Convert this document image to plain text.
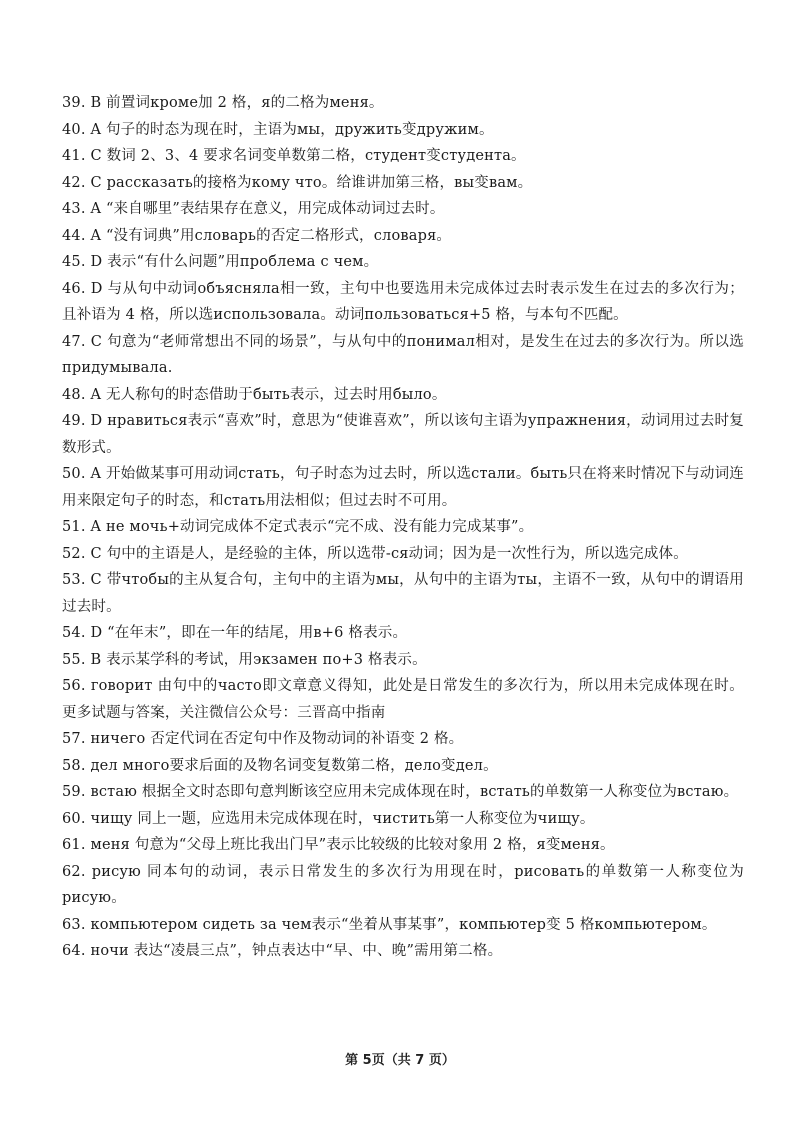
39. B 前置词кроме加 2 格，я的二格为меня。

40. A 句子的时态为现在时，主语为мы，дружить变дружим。

41. C 数词 2、3、4 要求名词变单数第二格，студент变студента。

42. C рассказать的接格为кому что。给谁讲加第三格，вы变вам。

43. A “来自哪里”表结果存在意义，用完成体动词过去时。

44. A “没有词典”用словарь的否定二格形式，словаря。

45. D 表示“有什么问题”用проблема с чем。

46. D 与从句中动词объясняла相一致，主句中也要选用未完成体过去时表示发生在过去的多次行为；且补语为 4 格，所以选использовала。动词пользоваться+5 格，与本句不匹配。

47. C 句意为“老师常想出不同的场景”，与从句中的понимал相对，是发生在过去的多次行为。所以选придумывала.

48. A 无人称句的时态借助于быть表示，过去时用было。

49. D нравиться表示“喜欢”时，意思为“使谁喜欢”，所以该句主语为упражнения，动词用过去时复数形式。

50. A 开始做某事可用动词стать，句子时态为过去时，所以选стали。быть只在将来时情况下与动词连用来限定句子的时态，和стать用法相似；但过去时不可用。

51. A не мочь+动词完成体不定式表示“完不成、没有能力完成某事”。

52. C 句中的主语是人，是经验的主体，所以选带-ся动词；因为是一次性行为，所以选完成体。

53. C 带чтобы的主从复合句，主句中的主语为мы，从句中的主语为ты，主语不一致，从句中的谓语用过去时。

54. D “在年末”，即在一年的结尾，用в+6 格表示。

55. B 表示某学科的考试，用экзамен по+3 格表示。

56. говорит 由句中的часто即文章意义得知，此处是日常发生的多次行为，所以用未完成体现在时。更多试题与答案，关注微信公众号：三晋高中指南

57. ничего 否定代词在否定句中作及物动词的补语变 2 格。

58. дел много要求后面的及物名词变复数第二格，дело变дел。

59. встаю 根据全文时态即句意判断该空应用未完成体现在时，встать的单数第一人称变位为встаю。

60. чищу 同上一题，应选用未完成体现在时，чистить第一人称变位为чищу。

61. меня 句意为“父母上班比我出门早”表示比较级的比较对象用 2 格，я变меня。

62. рисую 同本句的动词，表示日常发生的多次行为用现在时，рисовать的单数第一人称变位为рисую。

63. компьютером сидеть за чем表示“坐着从事某事”，компьютер变 5 格компьютером。

64. ночи 表达“凌晨三点”，钟点表达中“早、中、晚”需用第二格。

第 5页（共 7 页）
